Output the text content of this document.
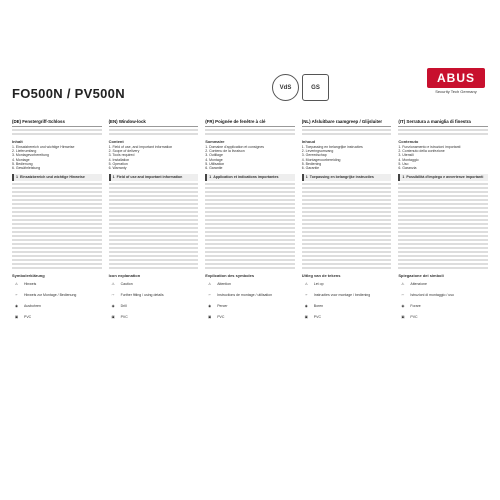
FO500N / PV500N	VdS	GS
ABUS
Security Tech Germany
(DE) Fenstergriff-Schloss
Inhalt
1. Einsatzbereich und wichtige Hinweise
2. Lieferumfang
3. Montagevorbereitung
4. Montage
5. Bedienung
6. Gewährleistung
1 Einsatzbereich und wichtige Hinweise
Symbolerklärung
⚠	Hinweis
☞	Hinweis zur Montage / Bedienung
◉	Ausbohren
▣	PVC
(EN) Window-lock
Content
1. Field of use, and important information
2. Scope of delivery
3. Tools required
4. Installation
5. Operation
6. Warranty
1 Field of use and important information
Icon explanation
⚠	Caution
☞	Further fitting / using details
◉	Drill
▣	PVC
(FR) Poignée de fenêtre à clé
Sommaire
1. Domaine d'application et consignes
2. Contenu de la livraison
3. Outillage
4. Montage
5. Utilisation
6. Garantie
1 Application et indications importantes
Explication des symboles
⚠	Attention
☞	Instructions de montage / utilisation
◉	Percer
▣	PVC
(NL) Afsluitbare raamgreep / Glijsluiter
Inhoud
1. Toepassing en belangrijke instructies
2. Leveringsomvang
3. Gereedschap
4. Montagevoorbereiding
5. Bediening
6. Garantie
1 Toepassing en belangrijke instructies
Uitleg van de tekens
⚠	Let op
☞	Instructies voor montage / bediening
◉	Boren
▣	PVC
(IT) Serratura a maniglia di finestra
Contenuto
1. Funzionamento e istruzioni importanti
2. Contenuto della confezione
3. Utensili
4. Montaggio
5. Uso
6. Garanzia
1 Possibilità d'impiego e avvertenze importanti
Spiegazione dei simboli
⚠	Attenzione
☞	Istruzioni di montaggio / uso
◉	Forare
▣	PVC
